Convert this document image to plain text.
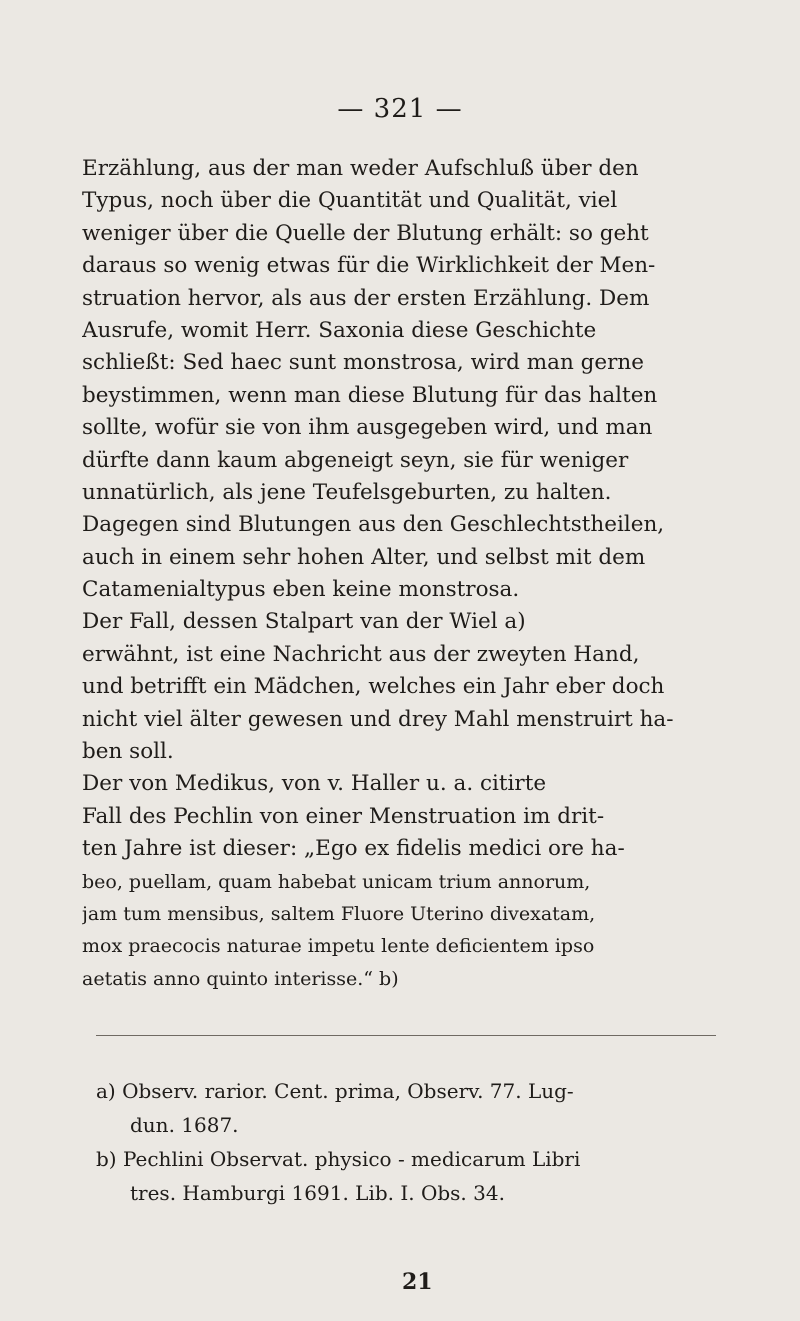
— 321 —
Erzählung, aus der man weder Aufschluß über den
Typus, noch über die Quantität und Qualität, viel
weniger über die Quelle der Blutung erhält: so geht
daraus so wenig etwas für die Wirklichkeit der Men-
struation hervor, als aus der ersten Erzählung. Dem
Ausrufe, womit Herr. Saxonia diese Geschichte
schließt: Sed haec sunt monstrosa, wird man gerne
beystimmen, wenn man diese Blutung für das halten
sollte, wofür sie von ihm ausgegeben wird, und man
dürfte dann kaum abgeneigt seyn, sie für weniger
unnatürlich, als jene Teufelsgeburten, zu halten.
Dagegen sind Blutungen aus den Geschlechtstheilen,
auch in einem sehr hohen Alter, und selbst mit dem
Catamenialtypus eben keine monstrosa.
Der Fall, dessen Stalpart van der Wiel a)
erwähnt, ist eine Nachricht aus der zweyten Hand,
und betrifft ein Mädchen, welches ein Jahr eber doch
nicht viel älter gewesen und drey Mahl menstruirt ha-
ben soll.
Der von Medikus, von v. Haller u. a. citirte
Fall des Pechlin von einer Menstruation im drit-
ten Jahre ist dieser: „Ego ex fidelis medici ore ha-
beo, puellam, quam habebat unicam trium annorum,
jam tum mensibus, saltem Fluore Uterino divexatam,
mox praecocis naturae impetu lente deficientem ipso
aetatis anno quinto interisse.“ b)
a) Observ. rarior. Cent. prima, Observ. 77. Lug-
dun. 1687.
b) Pechlini Observat. physico - medicarum Libri
tres. Hamburgi 1691. Lib. I. Obs. 34.
21
